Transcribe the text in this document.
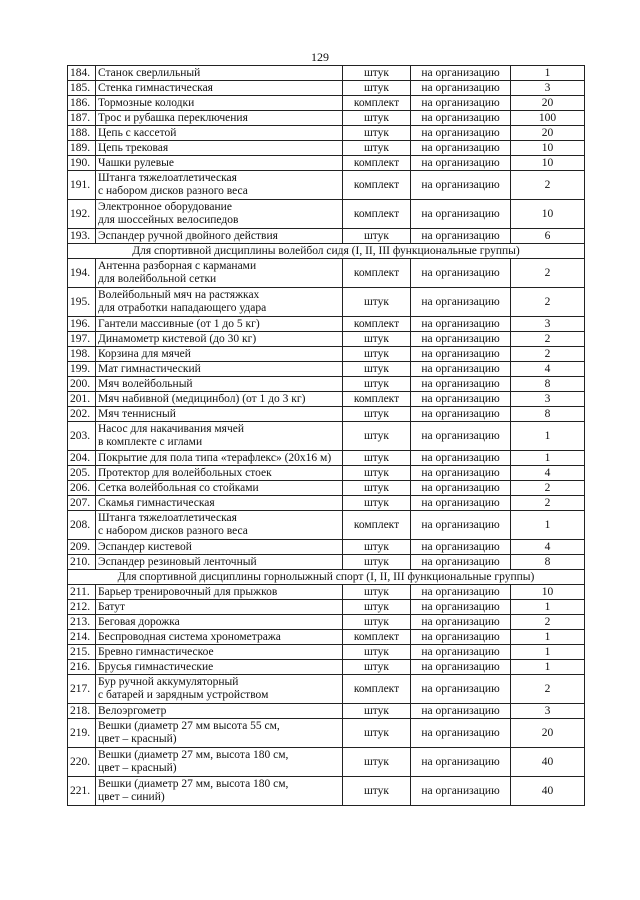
129
184.	Станок сверлильный	штук	на организацию	1
185.	Стенка гимнастическая	штук	на организацию	3
186.	Тормозные колодки	комплект	на организацию	20
187.	Трос и рубашка переключения	штук	на организацию	100
188.	Цепь с кассетой	штук	на организацию	20
189.	Цепь трековая	штук	на организацию	10
190.	Чашки рулевые	комплект	на организацию	10
191.	Штанга тяжелоатлетическая
с набором дисков разного веса	комплект	на организацию	2
192.	Электронное оборудование
для шоссейных велосипедов	комплект	на организацию	10
193.	Эспандер ручной двойного действия	штук	на организацию	6
Для спортивной дисциплины волейбол сидя (I, II, III функциональные группы)				
194.	Антенна разборная с карманами
для волейбольной сетки	комплект	на организацию	2
195.	Волейбольный мяч на растяжках
для отработки нападающего удара	штук	на организацию	2
196.	Гантели массивные (от 1 до 5 кг)	комплект	на организацию	3
197.	Динамометр кистевой (до 30 кг)	штук	на организацию	2
198.	Корзина для мячей	штук	на организацию	2
199.	Мат гимнастический	штук	на организацию	4
200.	Мяч волейбольный	штук	на организацию	8
201.	Мяч набивной (медицинбол) (от 1 до 3 кг)	комплект	на организацию	3
202.	Мяч теннисный	штук	на организацию	8
203.	Насос для накачивания мячей
в комплекте с иглами	штук	на организацию	1
204.	Покрытие для пола типа «терафлекс» (20x16 м)	штук	на организацию	1
205.	Протектор для волейбольных стоек	штук	на организацию	4
206.	Сетка волейбольная со стойками	штук	на организацию	2
207.	Скамья гимнастическая	штук	на организацию	2
208.	Штанга тяжелоатлетическая
с набором дисков разного веса	комплект	на организацию	1
209.	Эспандер кистевой	штук	на организацию	4
210.	Эспандер резиновый ленточный	штук	на организацию	8
Для спортивной дисциплины горнолыжный спорт (I, II, III функциональные группы)				
211.	Барьер тренировочный для прыжков	штук	на организацию	10
212.	Батут	штук	на организацию	1
213.	Беговая дорожка	штук	на организацию	2
214.	Беспроводная система хронометража	комплект	на организацию	1
215.	Бревно гимнастическое	штук	на организацию	1
216.	Брусья гимнастические	штук	на организацию	1
217.	Бур ручной аккумуляторный
с батарей и зарядным устройством	комплект	на организацию	2
218.	Велоэргометр	штук	на организацию	3
219.	Вешки (диаметр 27 мм высота 55 см,
цвет – красный)	штук	на организацию	20
220.	Вешки (диаметр 27 мм, высота 180 см,
цвет – красный)	штук	на организацию	40
221.	Вешки (диаметр 27 мм, высота 180 см,
цвет – синий)	штук	на организацию	40
